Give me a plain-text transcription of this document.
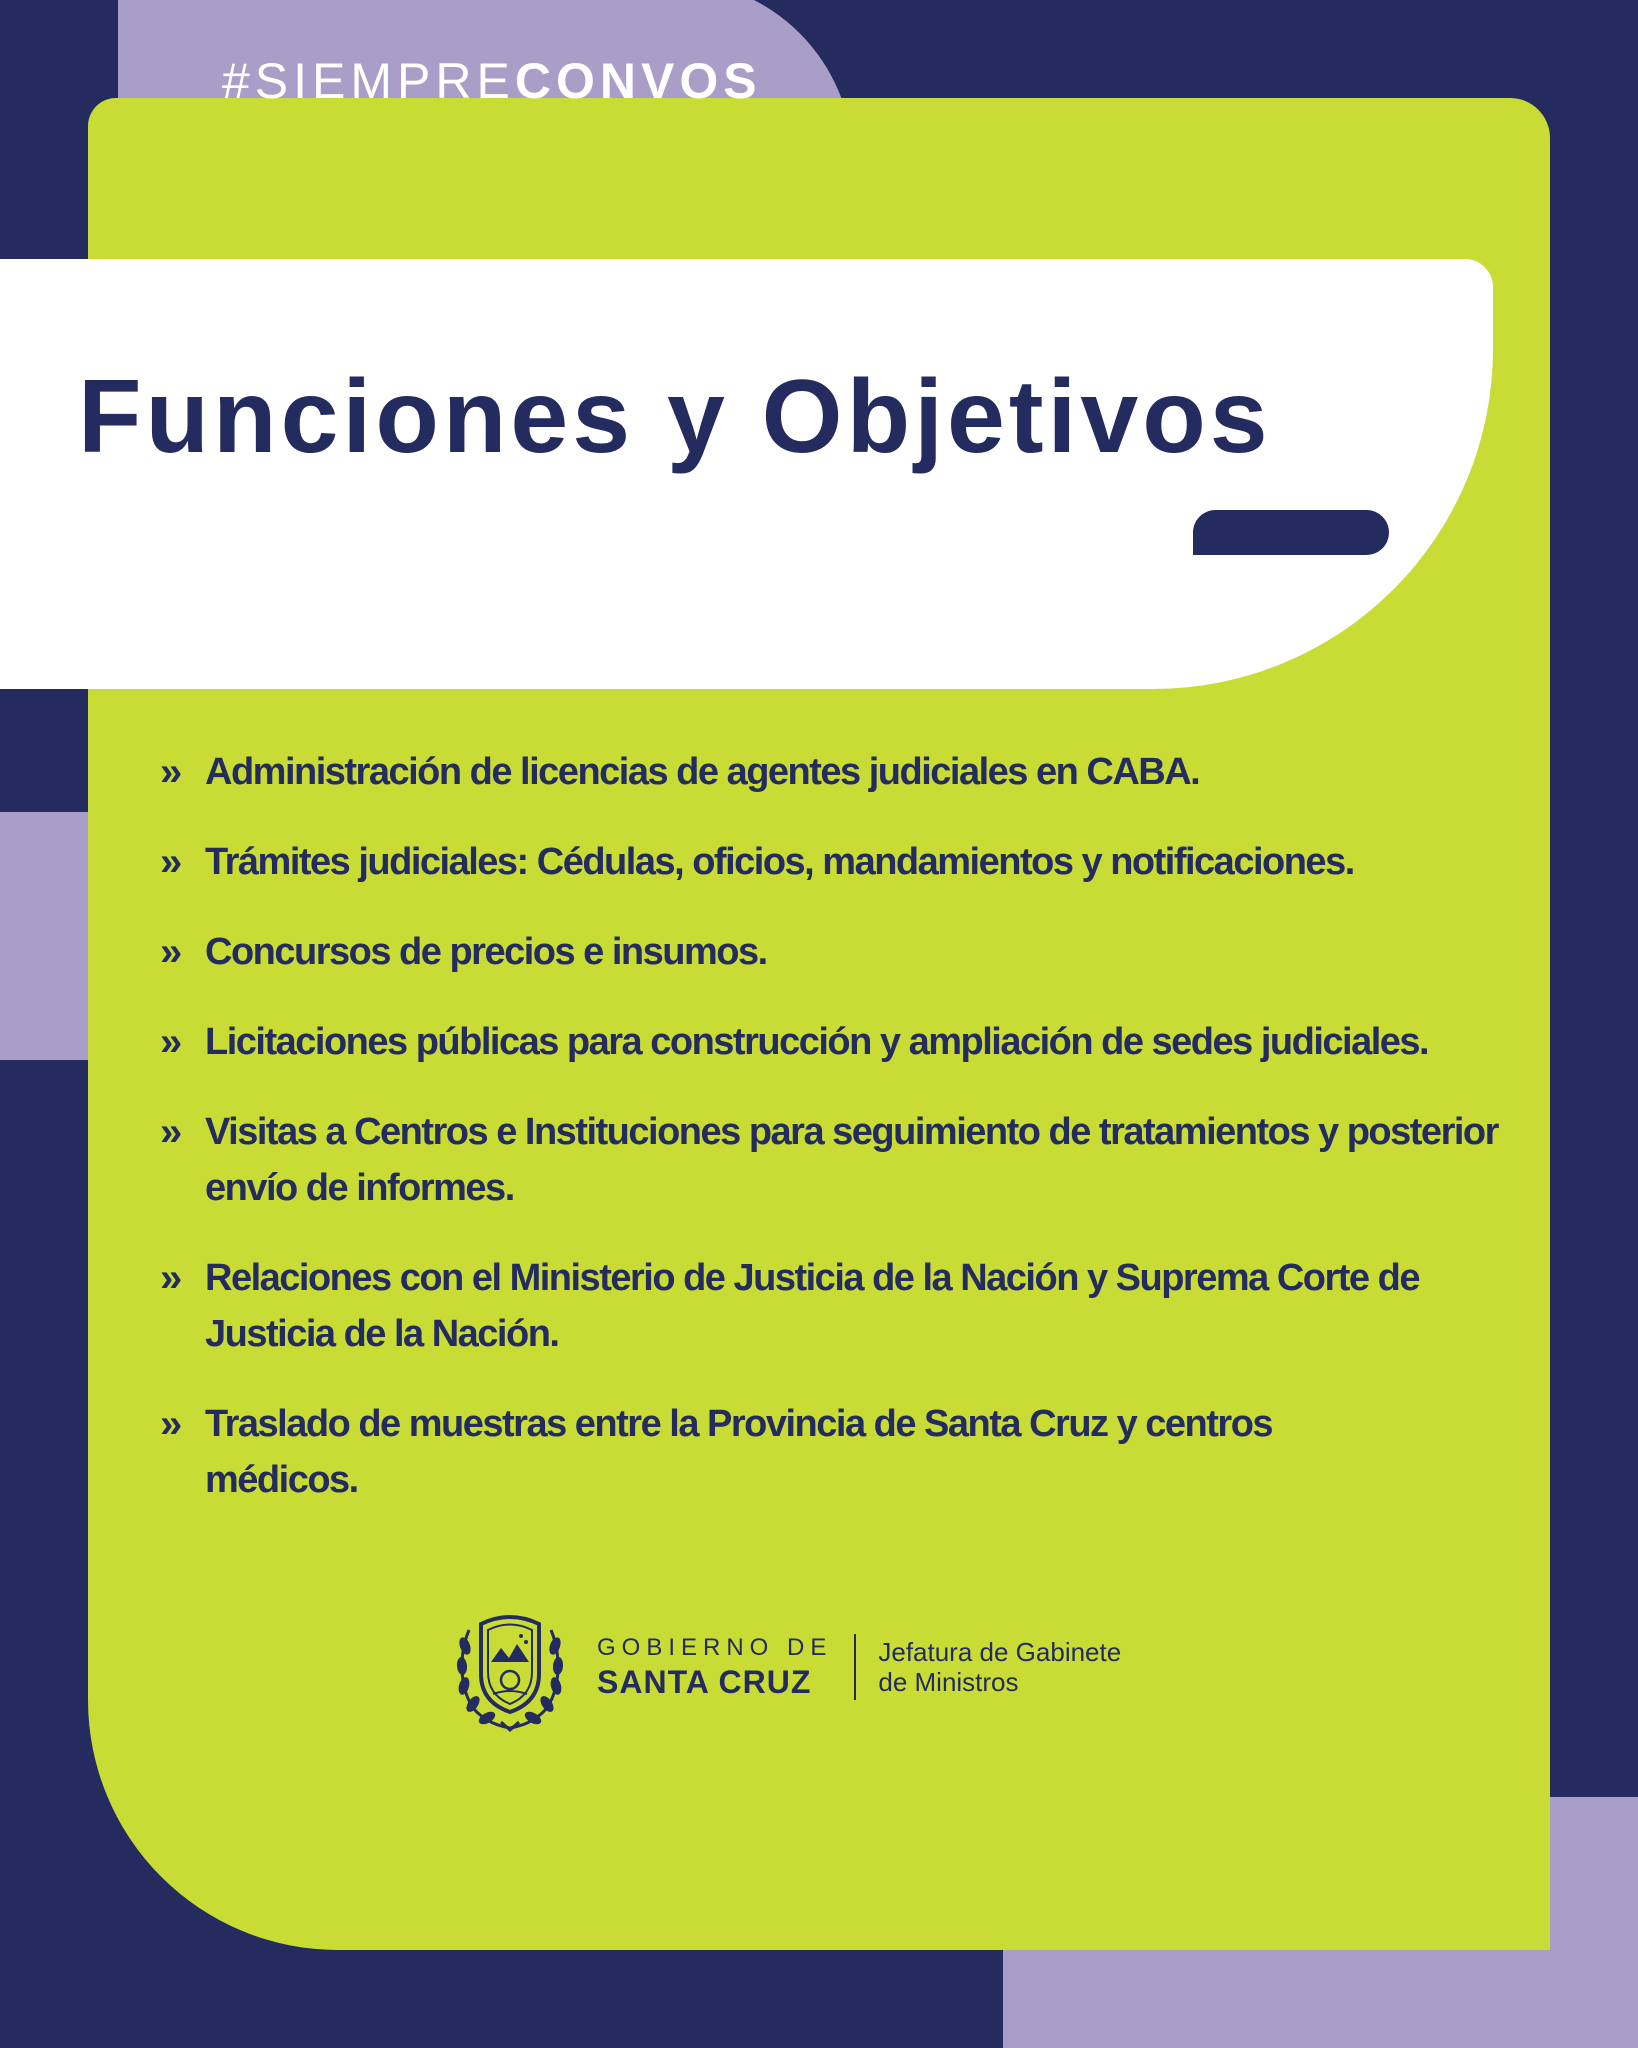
#SIEMPRECONVOS
Funciones y Objetivos
» Administración de licencias de agentes judiciales en CABA.
» Trámites judiciales: Cédulas, oficios, mandamientos y notificaciones.
» Concursos de precios e insumos.
» Licitaciones públicas para construcción y ampliación de sedes judiciales.
» Visitas a Centros e Instituciones para seguimiento de tratamientos y posterior envío de informes.
» Relaciones con el Ministerio de Justicia de la Nación y Suprema Corte de Justicia de la Nación.
» Traslado de muestras entre la Provincia de Santa Cruz y centros médicos.
GOBIERNO DE
SANTA CRUZ
Jefatura de Gabinete
de Ministros
